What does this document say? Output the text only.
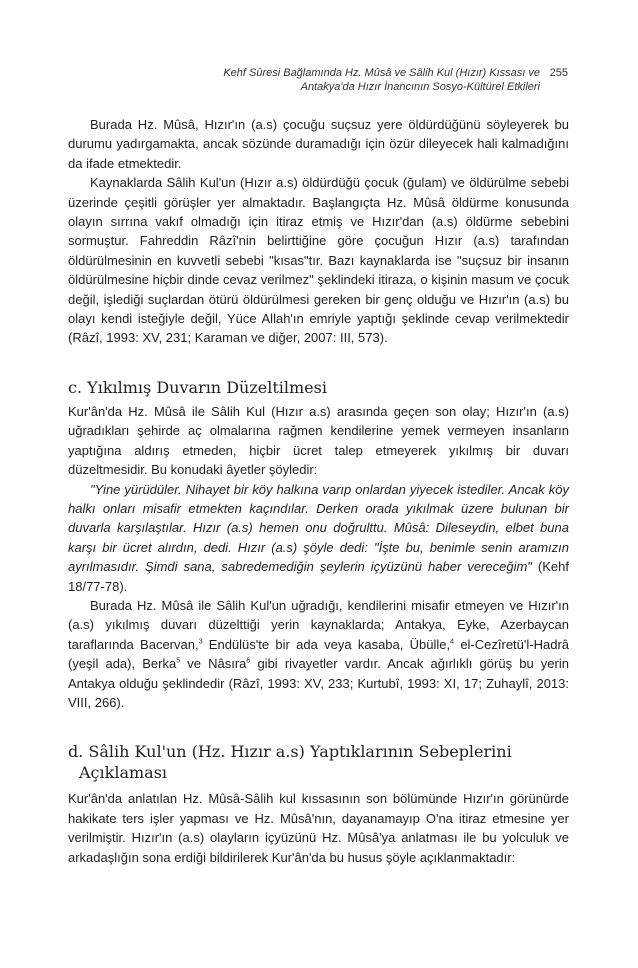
Kehf Sûresi Bağlamında Hz. Mûsâ ve Sâlih Kul (Hızır) Kıssası ve 255
Antakya'da Hızır İnancının Sosyo-Kültürel Etkileri

Burada Hz. Mûsâ, Hızır'ın (a.s) çocuğu suçsuz yere öldürdüğünü söyleyerek bu durumu yadırgamakta, ancak sözünde duramadığı için özür dileyecek hali kalmadığını da ifade etmektedir.

Kaynaklarda Sâlih Kul'un (Hızır a.s) öldürdüğü çocuk (ğulam) ve öldürülme sebebi üzerinde çeşitli görüşler yer almaktadır. Başlangıçta Hz. Mûsâ öldürme konusunda olayın sırrına vakıf olmadığı için itiraz etmiş ve Hızır'dan (a.s) öldürme sebebini sormuştur. Fahreddin Râzî'nin belirttiğine göre çocuğun Hızır (a.s) tarafından öldürülmesinin en kuvvetli sebebi "kısas"tır. Bazı kaynaklarda ise "suçsuz bir insanın öldürülmesine hiçbir dinde cevaz verilmez" şeklindeki itiraza, o kişinin masum ve çocuk değil, işlediği suçlardan ötürü öldürülmesi gereken bir genç olduğu ve Hızır'ın (a.s) bu olayı kendi isteğiyle değil, Yüce Allah'ın emriyle yaptığı şeklinde cevap verilmektedir (Râzî, 1993: XV, 231; Karaman ve diğer, 2007: III, 573).

c. Yıkılmış Duvarın Düzeltilmesi

Kur'ân'da Hz. Mûsâ ile Sâlih Kul (Hızır a.s) arasında geçen son olay; Hızır'ın (a.s) uğradıkları şehirde aç olmalarına rağmen kendilerine yemek vermeyen insanların yaptığına aldırış etmeden, hiçbir ücret talep etmeyerek yıkılmış bir duvarı düzeltmesidir. Bu konudaki âyetler şöyledir:

"Yine yürüdüler. Nihayet bir köy halkına varıp onlardan yiyecek istediler. Ancak köy halkı onları misafir etmekten kaçındılar. Derken orada yıkılmak üzere bulunan bir duvarla karşılaştılar. Hızır (a.s) hemen onu doğrulttu. Mûsâ: Dileseydin, elbet buna karşı bir ücret alırdın, dedi. Hızır (a.s) şöyle dedi: "İşte bu, benimle senin aramızın ayrılmasıdır. Şimdi sana, sabredemediğin şeylerin içyüzünü haber vereceğim" (Kehf 18/77-78).

Burada Hz. Mûsâ ile Sâlih Kul'un uğradığı, kendilerini misafir etmeyen ve Hızır'ın (a.s) yıkılmış duvarı düzelttiği yerin kaynaklarda; Antakya, Eyke, Azerbaycan taraflarında Bacervan,$^3$ Endülüs'te bir ada veya kasaba, Übülle,$^4$ el-Cezîretü'l-Hadrâ (yeşil ada), Berka$^5$ ve Nâsıra$^6$ gibi rivayetler vardır. Ancak ağırlıklı görüş bu yerin Antakya olduğu şeklindedir (Râzî, 1993: XV, 233; Kurtubî, 1993: XI, 17; Zuhaylî, 2013: VIII, 266).

d. Sâlih Kul'un (Hz. Hızır a.s) Yaptıklarının Sebeplerini
Açıklaması

Kur'ân'da anlatılan Hz. Mûsâ-Sâlih kul kıssasının son bölümünde Hızır'ın görünürde hakikate ters işler yapması ve Hz. Mûsâ'nın, dayanamayıp O'na itiraz etmesine yer verilmiştir. Hızır'ın (a.s) olayların içyüzünü Hz. Mûsâ'ya anlatması ile bu yolculuk ve arkadaşlığın sona erdiği bildirilerek Kur'ân'da bu husus şöyle açıklanmaktadır:
